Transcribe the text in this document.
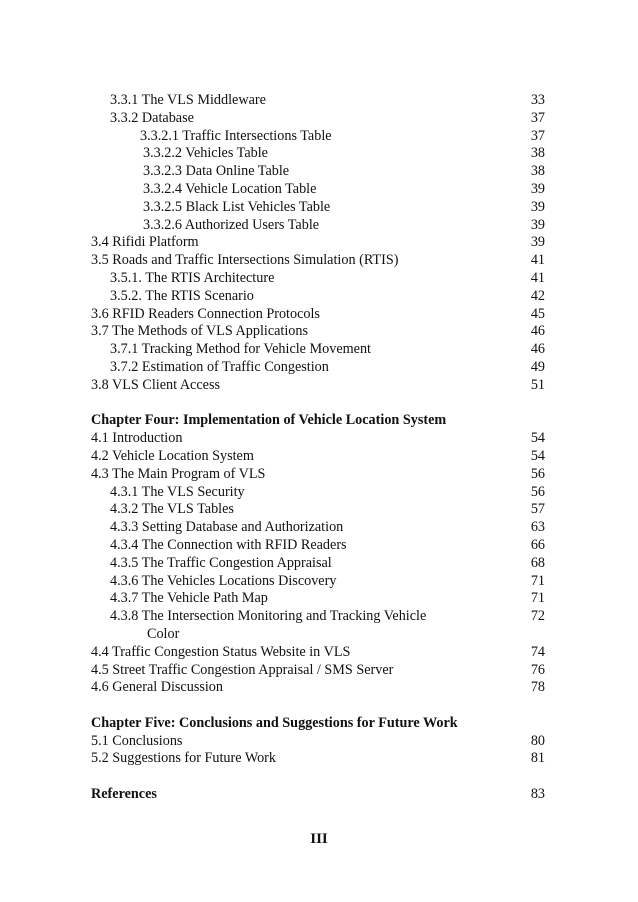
3.3.1 The VLS Middleware	33
3.3.2 Database	37
3.3.2.1 Traffic Intersections Table	37
3.3.2.2 Vehicles Table	38
3.3.2.3 Data Online Table	38
3.3.2.4 Vehicle Location Table	39
3.3.2.5 Black List Vehicles Table	39
3.3.2.6 Authorized Users Table	39
3.4 Rifidi Platform	39
3.5 Roads and Traffic Intersections Simulation (RTIS)	41
3.5.1. The RTIS Architecture	41
3.5.2. The RTIS Scenario	42
3.6 RFID Readers Connection Protocols	45
3.7 The Methods of VLS Applications	46
3.7.1 Tracking Method for Vehicle Movement	46
3.7.2 Estimation of Traffic Congestion	49
3.8 VLS Client Access	51
Chapter Four: Implementation of Vehicle Location System
4.1 Introduction	54
4.2 Vehicle Location System	54
4.3 The Main Program of VLS	56
4.3.1 The VLS Security	56
4.3.2 The VLS Tables	57
4.3.3 Setting Database and Authorization	63
4.3.4 The Connection with RFID Readers	66
4.3.5 The Traffic Congestion Appraisal	68
4.3.6 The Vehicles Locations Discovery	71
4.3.7 The Vehicle Path Map	71
4.3.8 The Intersection Monitoring and Tracking Vehicle	72
Color
4.4 Traffic Congestion Status Website in VLS	74
4.5 Street Traffic Congestion Appraisal / SMS Server	76
4.6 General Discussion	78
Chapter Five: Conclusions and Suggestions for Future Work
5.1 Conclusions	80
5.2 Suggestions for Future Work	81
References	83
III
